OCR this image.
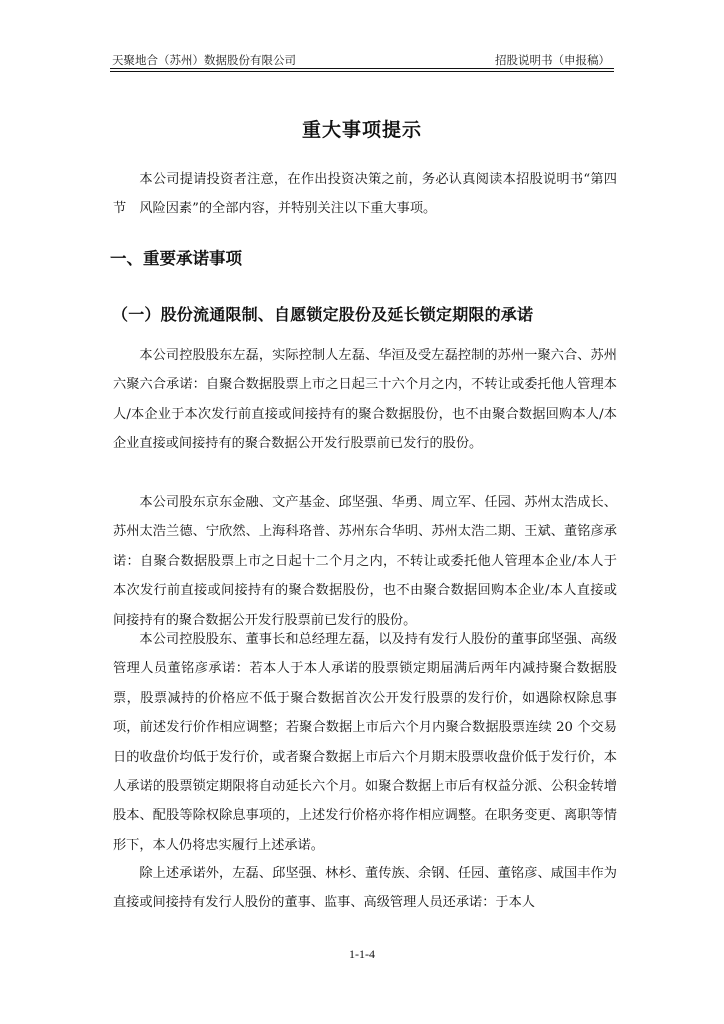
天聚地合（苏州）数据股份有限公司	招股说明书（申报稿）
重大事项提示

本公司提请投资者注意，在作出投资决策之前，务必认真阅读本招股说明书“第四节　风险因素”的全部内容，并特别关注以下重大事项。

一、重要承诺事项
（一）股份流通限制、自愿锁定股份及延长锁定期限的承诺

本公司控股股东左磊，实际控制人左磊、华洹及受左磊控制的苏州一聚六合、苏州六聚六合承诺：自聚合数据股票上市之日起三十六个月之内，不转让或委托他人管理本人/本企业于本次发行前直接或间接持有的聚合数据股份，也不由聚合数据回购本人/本企业直接或间接持有的聚合数据公开发行股票前已发行的股份。

本公司股东京东金融、文产基金、邱坚强、华勇、周立军、任园、苏州太浩成长、苏州太浩兰德、宁欣然、上海科珞普、苏州东合华明、苏州太浩二期、王斌、董铭彦承诺：自聚合数据股票上市之日起十二个月之内，不转让或委托他人管理本企业/本人于本次发行前直接或间接持有的聚合数据股份，也不由聚合数据回购本企业/本人直接或间接持有的聚合数据公开发行股票前已发行的股份。

本公司控股股东、董事长和总经理左磊，以及持有发行人股份的董事邱坚强、高级管理人员董铭彦承诺：若本人于本人承诺的股票锁定期届满后两年内减持聚合数据股票，股票减持的价格应不低于聚合数据首次公开发行股票的发行价，如遇除权除息事项，前述发行价作相应调整；若聚合数据上市后六个月内聚合数据股票连续 20 个交易日的收盘价均低于发行价，或者聚合数据上市后六个月期末股票收盘价低于发行价，本人承诺的股票锁定期限将自动延长六个月。如聚合数据上市后有权益分派、公积金转增股本、配股等除权除息事项的，上述发行价格亦将作相应调整。在职务变更、离职等情形下，本人仍将忠实履行上述承诺。

除上述承诺外，左磊、邱坚强、林杉、董传族、余钢、任园、董铭彦、咸国丰作为直接或间接持有发行人股份的董事、监事、高级管理人员还承诺：于本人

1-1-4
